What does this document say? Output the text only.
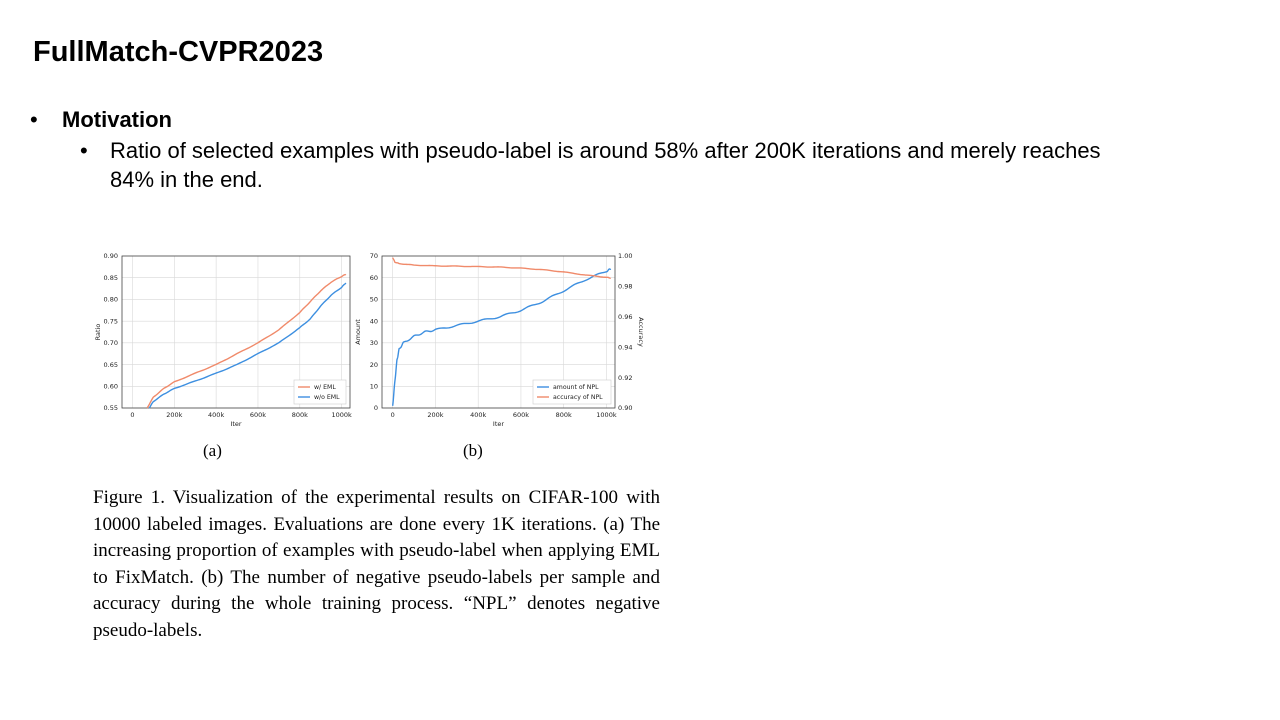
FullMatch-CVPR2023
• Motivation
• Ratio of selected examples with pseudo-label is around 58% after 200K iterations and merely reaches 84% in the end.
0	200k	400k	600k	800k	1000k
0.55
0.60
0.65
0.70
0.75
0.80
0.85
0.90
Iter
Ratio
w/ EML
w/o EML
0	200k	400k	600k	800k	1000k
0
10
20
30
40
50
60
70
0.90
0.92
0.94
0.96
0.98
1.00
Iter
Amount	Accuracy
amount of NPL
accuracy of NPL
(a)	(b)
Figure 1. Visualization of the experimental results on CIFAR-100 with 10000 labeled images. Evaluations are done every 1K iterations. (a) The increasing proportion of examples with pseudo-label when applying EML to FixMatch. (b) The number of negative pseudo-labels per sample and accuracy during the whole training process. “NPL” denotes negative pseudo-labels.
